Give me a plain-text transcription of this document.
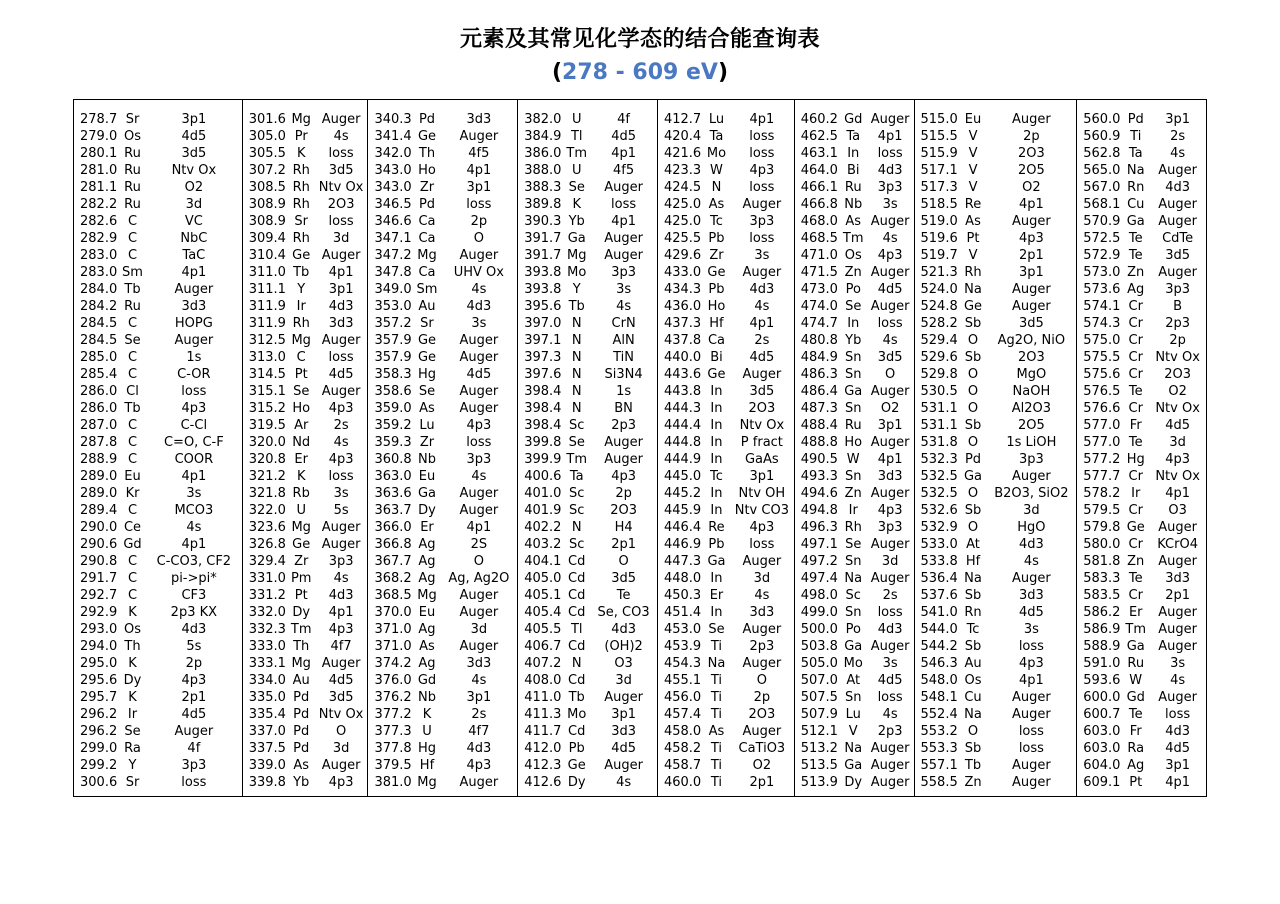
元素及其常见化学态的结合能查询表
(278 - 609 eV)
278.7 Sr	3p1
279.0 Os	4d5
280.1 Ru	3d5
281.0 Ru	Ntv Ox
281.1 Ru	O2
282.2 Ru	3d
282.6 C	VC
282.9 C	NbC
283.0 C	TaC
283.0 Sm	4p1
284.0 Tb	Auger
284.2 Ru	3d3
284.5 C	HOPG
284.5 Se	Auger
285.0 C	1s
285.4 C	C-OR
286.0 Cl	loss
286.0 Tb	4p3
287.0 C	C-Cl
287.8 C	C=O, C-F
288.9 C	COOR
289.0 Eu	4p1
289.0 Kr	3s
289.4 C	MCO3
290.0 Ce	4s
290.6 Gd	4p1
290.8 C	C-CO3, CF2
291.7 C	pi->pi*
292.7 C	CF3
292.9 K	2p3 KX
293.0 Os	4d3
294.0 Th	5s
295.0 K	2p
295.6 Dy	4p3
295.7 K	2p1
296.2 Ir	4d5
296.2 Se	Auger
299.0 Ra	4f
299.2 Y	3p3
300.6 Sr	loss
301.6 Mg Auger
305.0 Pr	4s
305.5 K	loss
307.2 Rh	3d5
308.5 Rh Ntv Ox
308.9 Rh	2O3
308.9 Sr	loss
309.4 Rh	3d
310.4 Ge Auger
311.0 Tb	4p1
311.1 Y	3p1
311.9 Ir	4d3
311.9 Rh	3d3
312.5 Mg Auger
313.0 C	loss
314.5 Pt	4d5
315.1 Se Auger
315.2 Ho	4p3
319.5 Ar	2s
320.0 Nd	4s
320.8 Er	4p3
321.2 K	loss
321.8 Rb	3s
322.0 U	5s
323.6 Mg Auger
326.8 Ge Auger
329.4 Zr	3p3
331.0 Pm	4s
331.2 Pt	4d3
332.0 Dy	4p1
332.3 Tm	4p3
333.0 Th	4f7
333.1 Mg Auger
334.0 Au	4d5
335.0 Pd	3d5
335.4 Pd Ntv Ox
337.0 Pd	O
337.5 Pd	3d
339.0 As Auger
339.8 Yb	4p3
340.3 Pd	3d3
341.4 Ge	Auger
342.0 Th	4f5
343.0 Ho	4p1
343.0 Zr	3p1
346.5 Pd	loss
346.6 Ca	2p
347.1 Ca	O
347.2 Mg	Auger
347.8 Ca	UHV Ox
349.0 Sm	4s
353.0 Au	4d3
357.2 Sr	3s
357.9 Ge	Auger
357.9 Ge	Auger
358.3 Hg	4d5
358.6 Se	Auger
359.0 As	Auger
359.2 Lu	4p3
359.3 Zr	loss
360.8 Nb	3p3
363.0 Eu	4s
363.6 Ga	Auger
363.7 Dy	Auger
366.0 Er	4p1
366.8 Ag	2S
367.7 Ag	O
368.2 Ag Ag, Ag2O
368.5 Mg	Auger
370.0 Eu	Auger
371.0 Ag	3d
371.0 As	Auger
374.2 Ag	3d3
376.0 Gd	4s
376.2 Nb	3p1
377.2 K	2s
377.3 U	4f7
377.8 Hg	4d3
379.5 Hf	4p3
381.0 Mg	Auger
382.0 U	4f
384.9 Tl	4d5
386.0 Tm	4p1
388.0 U	4f5
388.3 Se	Auger
389.8 K	loss
390.3 Yb	4p1
391.7 Ga	Auger
391.7 Mg	Auger
393.8 Mo	3p3
393.8 Y	3s
395.6 Tb	4s
397.0 N	CrN
397.1 N	AlN
397.3 N	TiN
397.6 N	Si3N4
398.4 N	1s
398.4 N	BN
398.4 Sc	2p3
399.8 Se	Auger
399.9 Tm	Auger
400.6 Ta	4p3
401.0 Sc	2p
401.9 Sc	2O3
402.2 N	H4
403.2 Sc	2p1
404.1 Cd	O
405.0 Cd	3d5
405.1 Cd	Te
405.4 Cd Se, CO3
405.5 Tl	4d3
406.7 Cd	(OH)2
407.2 N	O3
408.0 Cd	3d
411.0 Tb	Auger
411.3 Mo	3p1
411.7 Cd	3d3
412.0 Pb	4d5
412.3 Ge	Auger
412.6 Dy	4s
412.7 Lu	4p1
420.4 Ta	loss
421.6 Mo	loss
423.3 W	4p3
424.5 N	loss
425.0 As	Auger
425.0 Tc	3p3
425.5 Pb	loss
429.6 Zr	3s
433.0 Ge	Auger
434.3 Pb	4d3
436.0 Ho	4s
437.3 Hf	4p1
437.8 Ca	2s
440.0 Bi	4d5
443.6 Ge	Auger
443.8 In	3d5
444.3 In	2O3
444.4 In	Ntv Ox
444.8 In	P fract
444.9 In	GaAs
445.0 Tc	3p1
445.2 In	Ntv OH
445.9 In Ntv CO3
446.4 Re	4p3
446.9 Pb	loss
447.3 Ga	Auger
448.0 In	3d
450.3 Er	4s
451.4 In	3d3
453.0 Se	Auger
453.9 Ti	2p3
454.3 Na	Auger
455.1 Ti	O
456.0 Ti	2p
457.4 Ti	2O3
458.0 As	Auger
458.2 Ti	CaTiO3
458.7 Ti	O2
460.0 Ti	2p1
460.2 Gd Auger
462.5 Ta	4p1
463.1 In	loss
464.0 Bi	4d3
466.1 Ru	3p3
466.8 Nb	3s
468.0 As Auger
468.5 Tm	4s
471.0 Os	4p3
471.5 Zn Auger
473.0 Po	4d5
474.0 Se Auger
474.7 In	loss
480.8 Yb	4s
484.9 Sn	3d5
486.3 Sn	O
486.4 Ga Auger
487.3 Sn	O2
488.4 Ru	3p1
488.8 Ho Auger
490.5 W	4p1
493.3 Sn	3d3
494.6 Zn Auger
494.8 Ir	4p3
496.3 Rh	3p3
497.1 Se Auger
497.2 Sn	3d
497.4 Na Auger
498.0 Sc	2s
499.0 Sn	loss
500.0 Po	4d3
503.8 Ga Auger
505.0 Mo	3s
507.0 At	4d5
507.5 Sn	loss
507.9 Lu	4s
512.1 V	2p3
513.2 Na Auger
513.5 Ga Auger
513.9 Dy Auger
515.0 Eu	Auger
515.5 V	2p
515.9 V	2O3
517.1 V	2O5
517.3 V	O2
518.5 Re	4p1
519.0 As	Auger
519.6 Pt	4p3
519.7 V	2p1
521.3 Rh	3p1
524.0 Na	Auger
524.8 Ge	Auger
528.2 Sb	3d5
529.4 O	Ag2O, NiO
529.6 Sb	2O3
529.8 O	MgO
530.5 O	NaOH
531.1 O	Al2O3
531.1 Sb	2O5
531.8 O	1s LiOH
532.3 Pd	3p3
532.5 Ga	Auger
532.5 O	B2O3, SiO2
532.6 Sb	3d
532.9 O	HgO
533.0 At	4d3
533.8 Hf	4s
536.4 Na	Auger
537.6 Sb	3d3
541.0 Rn	4d5
544.0 Tc	3s
544.2 Sb	loss
546.3 Au	4p3
548.0 Os	4p1
548.1 Cu	Auger
552.4 Na	Auger
553.2 O	loss
553.3 Sb	loss
557.1 Tb	Auger
558.5 Zn	Auger
560.0 Pd	3p1
560.9 Ti	2s
562.8 Ta	4s
565.0 Na	Auger
567.0 Rn	4d3
568.1 Cu	Auger
570.9 Ga	Auger
572.5 Te	CdTe
572.9 Te	3d5
573.0 Zn	Auger
573.6 Ag	3p3
574.1 Cr	B
574.3 Cr	2p3
575.0 Cr	2p
575.5 Cr Ntv Ox
575.6 Cr	2O3
576.5 Te	O2
576.6 Cr Ntv Ox
577.0 Fr	4d5
577.0 Te	3d
577.2 Hg	4p3
577.7 Cr Ntv Ox
578.2 Ir	4p1
579.5 Cr	O3
579.8 Ge	Auger
580.0 Cr	KCrO4
581.8 Zn	Auger
583.3 Te	3d3
583.5 Cr	2p1
586.2 Er	Auger
586.9 Tm Auger
588.9 Ga	Auger
591.0 Ru	3s
593.6 W	4s
600.0 Gd	Auger
600.7 Te	loss
603.0 Fr	4d3
603.0 Ra	4d5
604.0 Ag	3p1
609.1 Pt	4p1
